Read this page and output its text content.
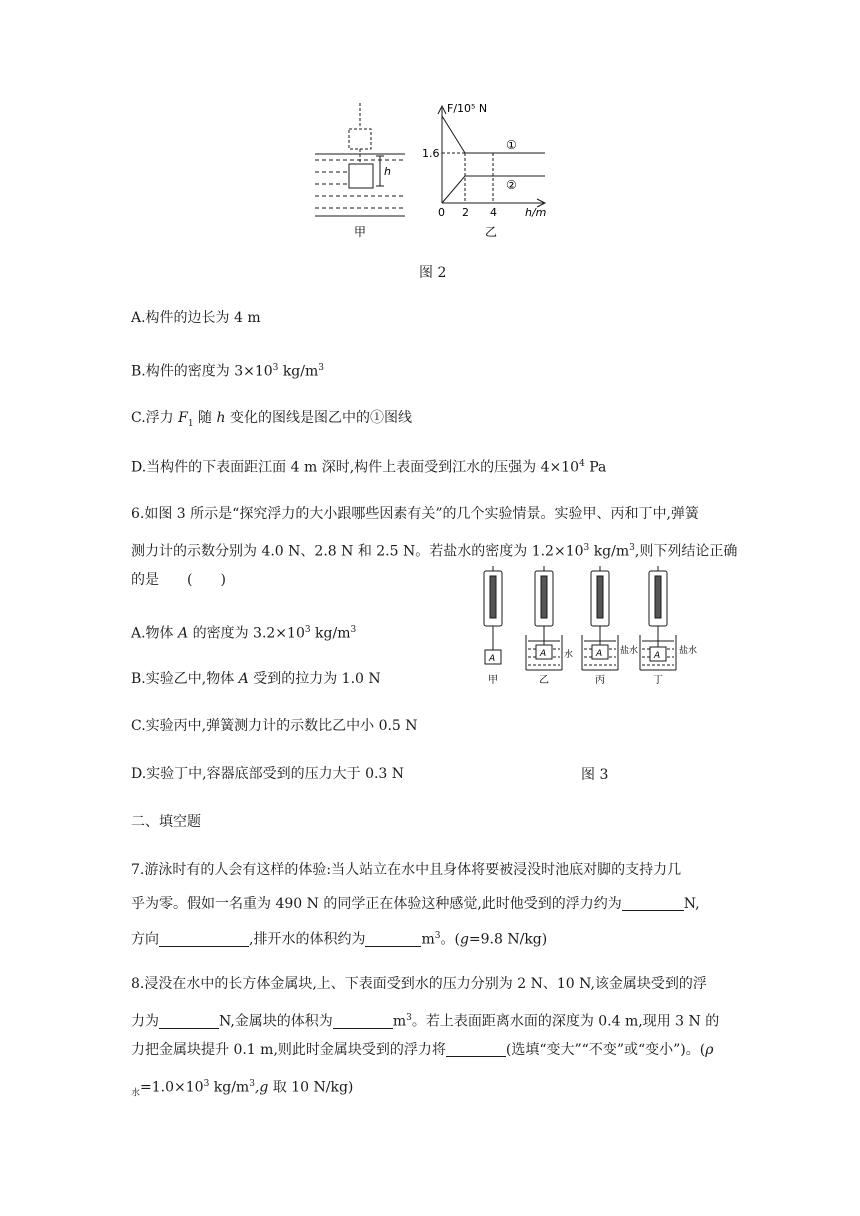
h
甲
F/10⁵ N
1.6
0 2 4	h/m
①
②
乙
图 2
A.构件的边长为 4 m
B.构件的密度为 $3\times 10^3$ $kg/m^3$
C.浮力 $F_1$ 随 h 变化的图线是图乙中的①图线
D.当构件的下表面距江面 4 m 深时,构件上表面受到江水的压强为 $4\times 10^4$ Pa
6.如图 3 所示是“探究浮力的大小跟哪些因素有关”的几个实验情景。实验甲、丙和丁中,弹簧
测力计的示数分别为 4.0 N、2.8 N 和 2.5 N。若盐水的密度为 $1.2\times 10^3$ $kg/m^3$,则下列结论正确
的是　　(　　)
A.物体 A 的密度为 $3.2\times 10^3$ $kg/m^3$
B.实验乙中,物体 A 受到的拉力为 1.0 N
C.实验丙中,弹簧测力计的示数比乙中小 0.5 N
D.实验丁中,容器底部受到的压力大于 0.3 N
A
甲
A 水
乙
A 盐水
丙
A 盐水
丁
图 3
二、填空题
7.游泳时有的人会有这样的体验:当人站立在水中且身体将要被浸没时池底对脚的支持力几
乎为零。假如一名重为 490 N 的同学正在体验这种感觉,此时他受到的浮力约为	N,
方向	,排开水的体积约为	$m^3$。(g=9.8 N/kg)
8.浸没在水中的长方体金属块,上、下表面受到水的压力分别为 2 N、10 N,该金属块受到的浮
力为	N,金属块的体积为	$m^3$。若上表面距离水面的深度为 0.4 m,现用 3 N 的
力把金属块提升 0.1 m,则此时金属块受到的浮力将	(选填“变大”“不变”或“变小”)。(ρ
$_水=1.0\times 10^3$ $kg/m^3,g$ 取 10 N/kg)
